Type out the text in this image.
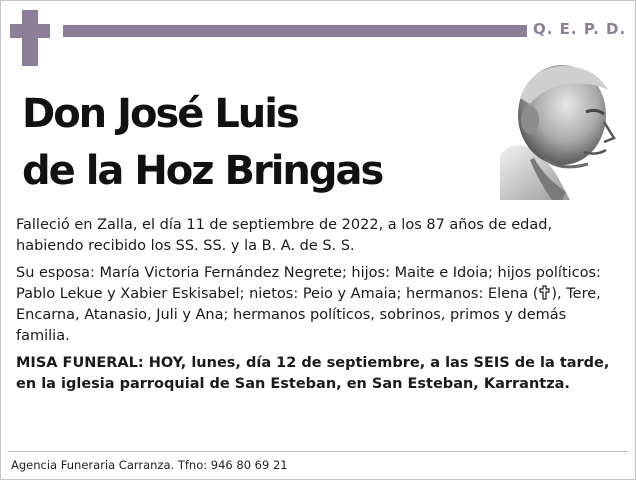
Q. E. P. D.
Don José Luis
de la Hoz Bringas

Falleció en Zalla, el día 11 de septiembre de 2022, a los 87 años de edad, habiendo recibido los SS. SS. y la B. A. de S. S.

Su esposa: María Victoria Fernández Negrete; hijos: Maite e Idoia; hijos políticos: Pablo Lekue y Xabier Eskisabel; nietos: Peio y Amaia; hermanos: Elena ( ), Tere, Encarna, Atanasio, Juli y Ana; hermanos políticos, sobrinos, primos y demás familia.

MISA FUNERAL: HOY, lunes, día 12 de septiembre, a las SEIS de la tarde, en la iglesia parroquial de San Esteban, en San Esteban, Karrantza.

Agencia Funeraria Carranza. Tfno: 946 80 69 21
